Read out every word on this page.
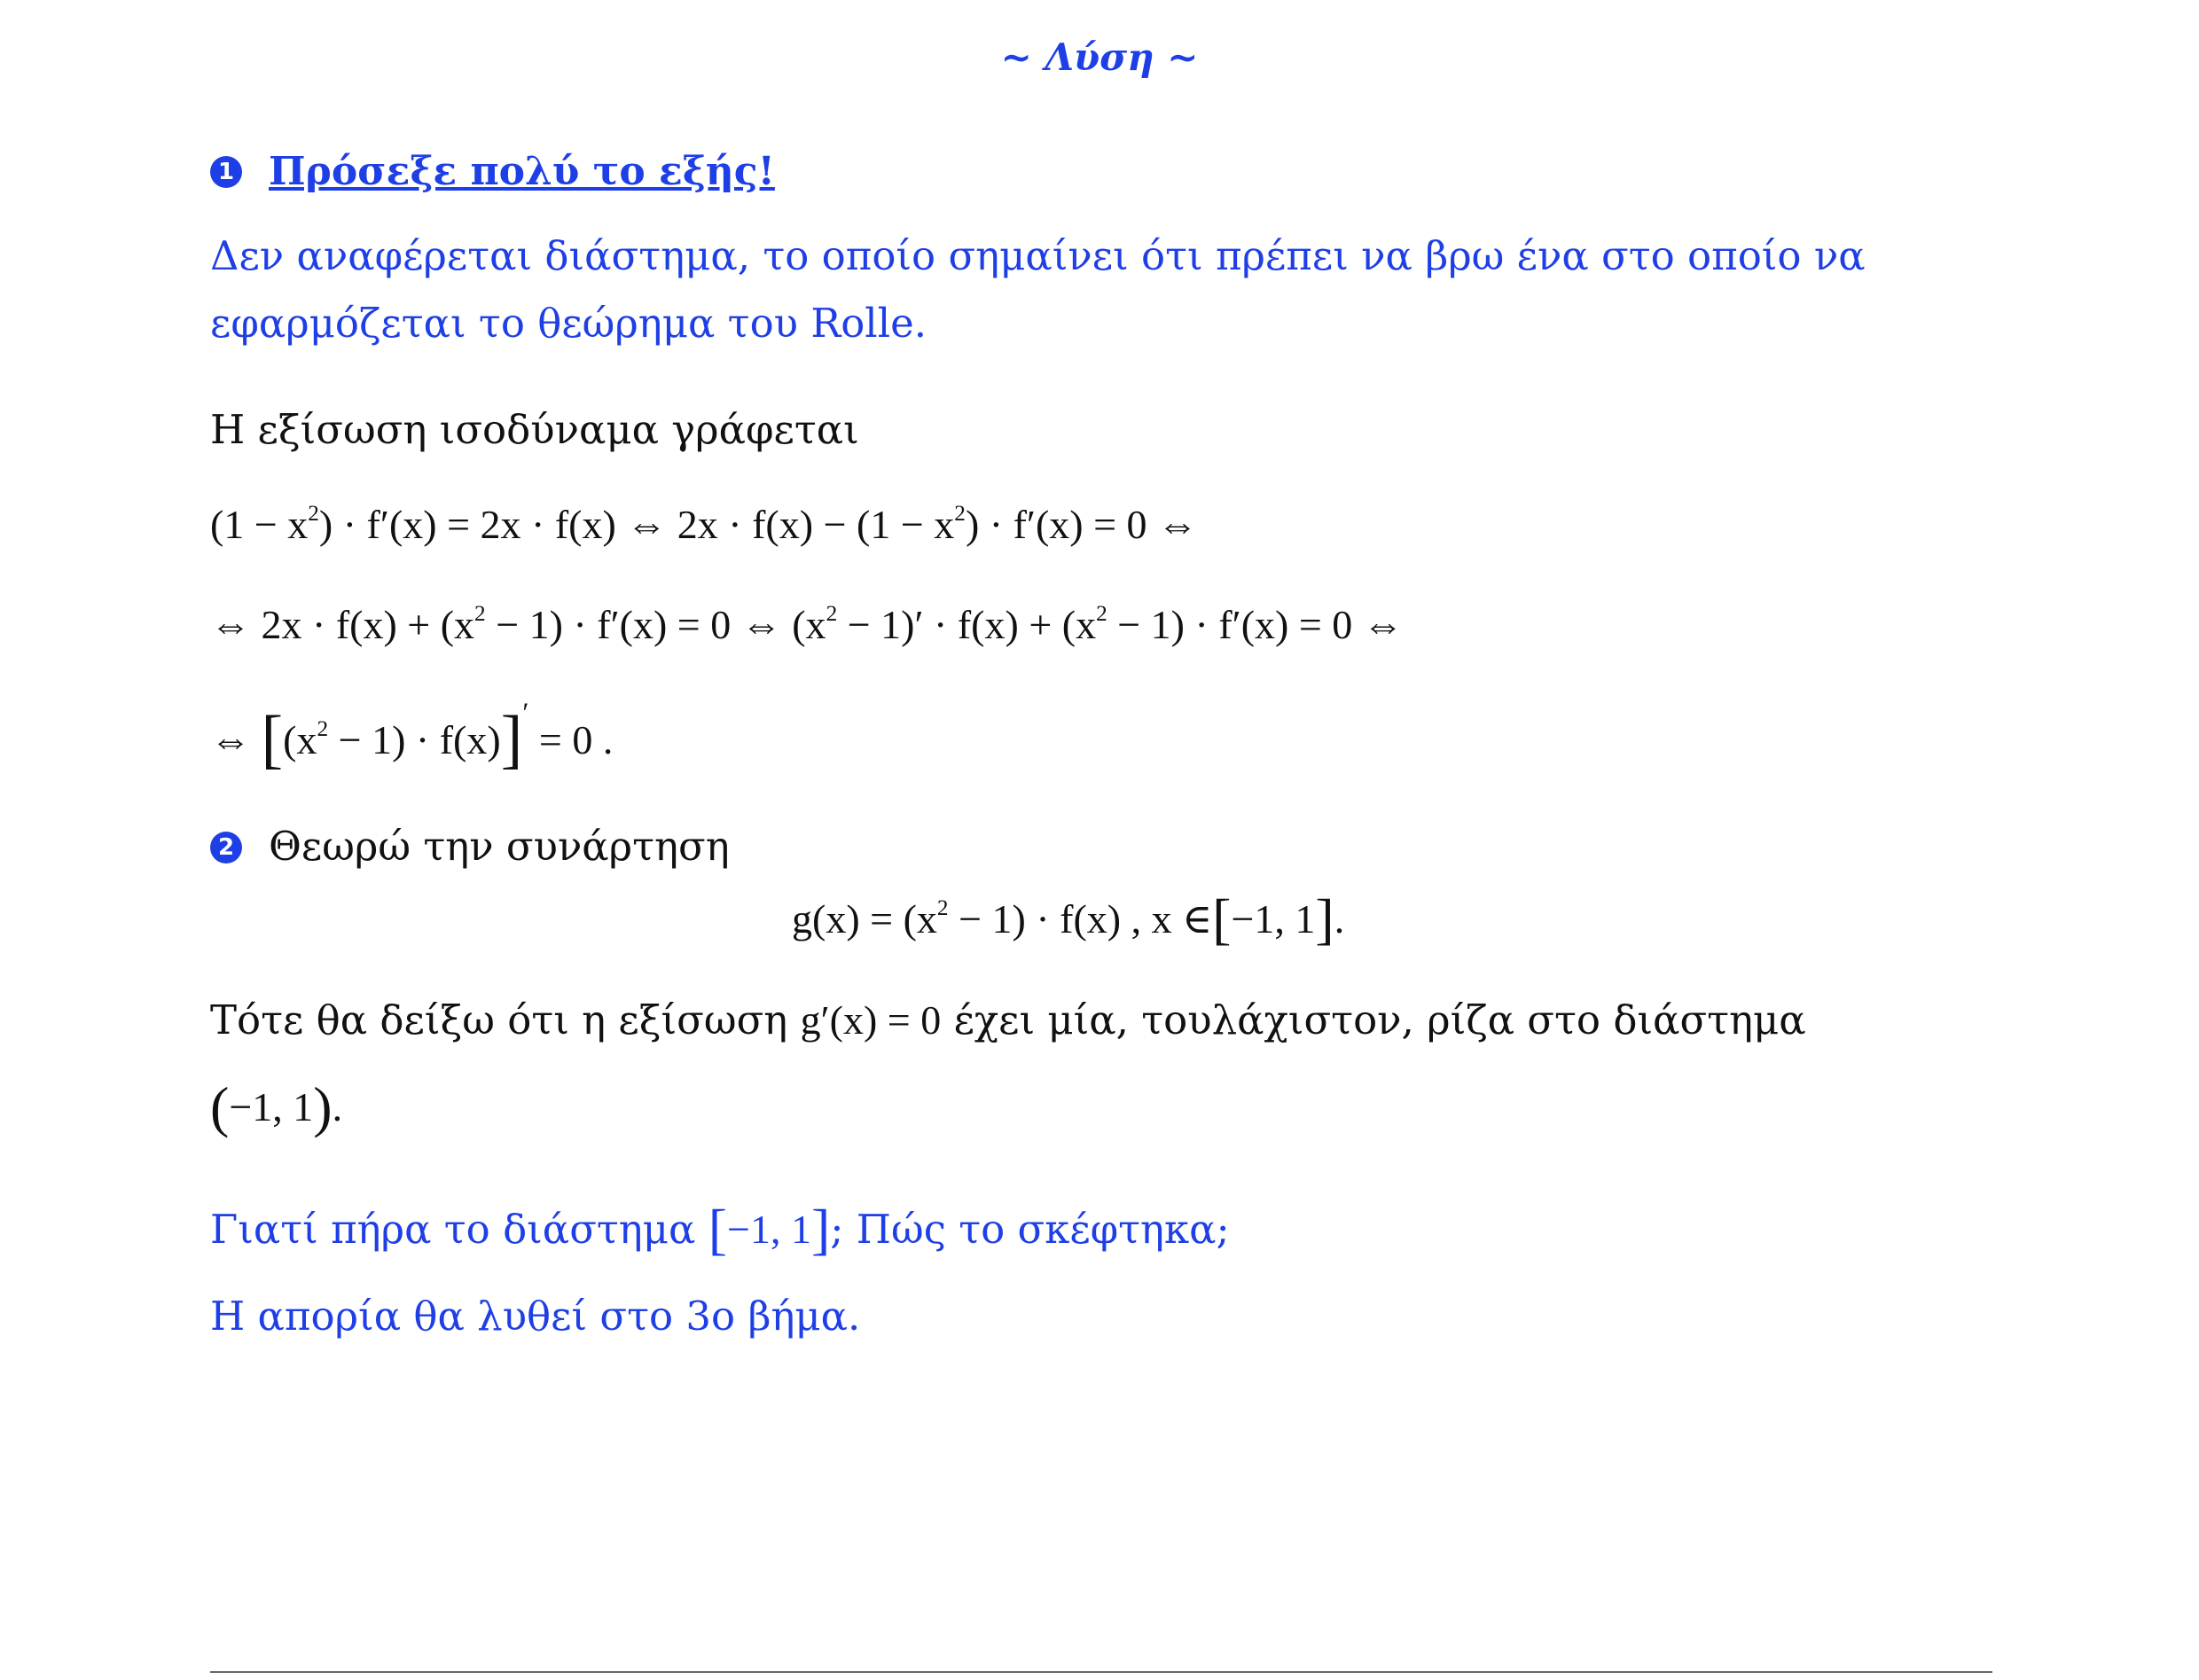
~ Λύση ~
1 Πρόσεξε πολύ το εξής!
Δεν αναφέρεται διάστημα, το οποίο σημαίνει ότι πρέπει να βρω ένα στο οποίο να
εφαρμόζεται το θεώρημα του Rolle.
Η εξίσωση ισοδύναμα γράφεται
$(1 - x^2) \cdot f'(x) = 2x \cdot f(x)$ ⇔ $2x \cdot f(x) - (1 - x^2) \cdot f'(x) = 0$ ⇔
⇔ $2x \cdot f(x) + (x^2 - 1) \cdot f'(x) = 0$ ⇔ $(x^2 - 1)' \cdot f(x) + (x^2 - 1) \cdot f'(x) = 0$ ⇔
⇔ $[(x^2 - 1) \cdot f(x)]' = 0$ .
2 Θεωρώ την συνάρτηση
$g(x) = (x^2 - 1) \cdot f(x)$ , x ∈[−1, 1].
Τότε θα δείξω ότι η εξίσωση g′(x) = 0 έχει μία, τουλάχιστον, ρίζα στο διάστημα
(−1, 1).
Γιατί πήρα το διάστημα [−1, 1]; Πώς το σκέφτηκα;
Η απορία θα λυθεί στο 3ο βήμα.
